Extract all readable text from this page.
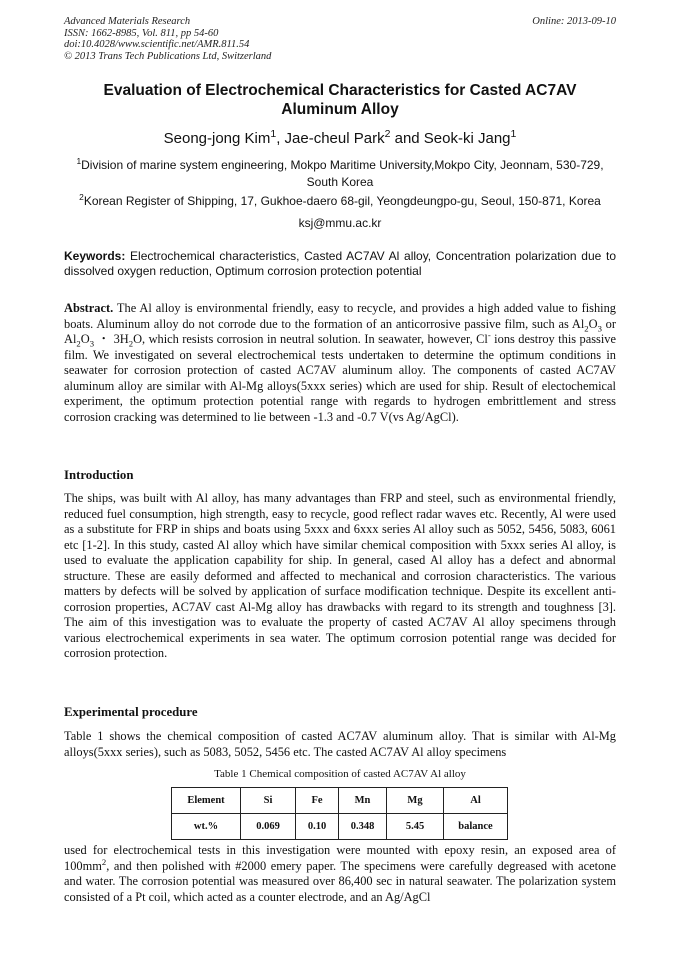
Advanced Materials Research
ISSN: 1662-8985, Vol. 811, pp 54-60
doi:10.4028/www.scientific.net/AMR.811.54
© 2013 Trans Tech Publications Ltd, Switzerland
Online: 2013-09-10
Evaluation of Electrochemical Characteristics for Casted AC7AV
Aluminum Alloy
Seong-jong Kim$^1$, Jae-cheul Park$^2$ and Seok-ki Jang$^1$
$^1$Division of marine system engineering, Mokpo Maritime University,Mokpo City, Jeonnam, 530-729, South Korea
$^2$Korean Register of Shipping, 17, Gukhoe-daero 68-gil, Yeongdeungpo-gu, Seoul, 150-871, Korea
ksj@mmu.ac.kr
Keywords: Electrochemical characteristics, Casted AC7AV Al alloy, Concentration polarization due to dissolved oxygen reduction, Optimum corrosion protection potential
Abstract. The Al alloy is environmental friendly, easy to recycle, and provides a high added value to fishing boats. Aluminum alloy do not corrode due to the formation of an anticorrosive passive film, such as $Al_2O_3$ or $Al_2O_3$ ・ $3H_2O$, which resists corrosion in neutral solution. In seawater, however, Cl- ions destroy this passive film. We investigated on several electrochemical tests undertaken to determine the optimum conditions in seawater for corrosion protection of casted AC7AV aluminum alloy. The components of casted AC7AV aluminum alloy are similar with Al-Mg alloys(5xxx series) which are used for ship. Result of electochemical experiment, the optimum protection potential range with regards to hydrogen embrittlement and stress corrosion cracking was determined to lie between -1.3 and -0.7 V(vs Ag/AgCl).
Introduction
The ships, was built with Al alloy, has many advantages than FRP and steel, such as environmental friendly, reduced fuel consumption, high strength, easy to recycle, good reflect radar waves etc. Recently, Al were used as a substitute for FRP in ships and boats using 5xxx and 6xxx series Al alloy such as 5052, 5456, 5083, 6061 etc [1-2]. In this study, casted Al alloy which have similar chemical composition with 5xxx series Al alloy, is used to evaluate the application capability for ship. In general, cased Al alloy has a defect and abnormal structure. These are easily deformed and affected to mechanical and corrosion characteristics. The various matters by defects will be solved by application of surface modification technique. Despite its excellent anti-corrosion properties, AC7AV cast Al-Mg alloy has drawbacks with regard to its strength and toughness [3]. The aim of this investigation was to evaluate the property of casted AC7AV Al alloy specimens through various electrochemical experiments in sea water. The optimum corrosion potential range was decided for corrosion protection.
Experimental procedure
Table 1 shows the chemical composition of casted AC7AV aluminum alloy. That is similar with Al-Mg alloys(5xxx series), such as 5083, 5052, 5456 etc. The casted AC7AV Al alloy specimens
Table 1 Chemical composition of casted AC7AV Al alloy
Element	Si	Fe	Mn	Mg	Al
wt.%	0.069	0.10	0.348	5.45	balance
used for electrochemical tests in this investigation were mounted with epoxy resin, an exposed area of $100mm^2$, and then polished with #2000 emery paper. The specimens were carefully degreased with acetone and water. The corrosion potential was measured over 86,400 sec in natural seawater. The polarization system consisted of a Pt coil, which acted as a counter electrode, and an Ag/AgCl
